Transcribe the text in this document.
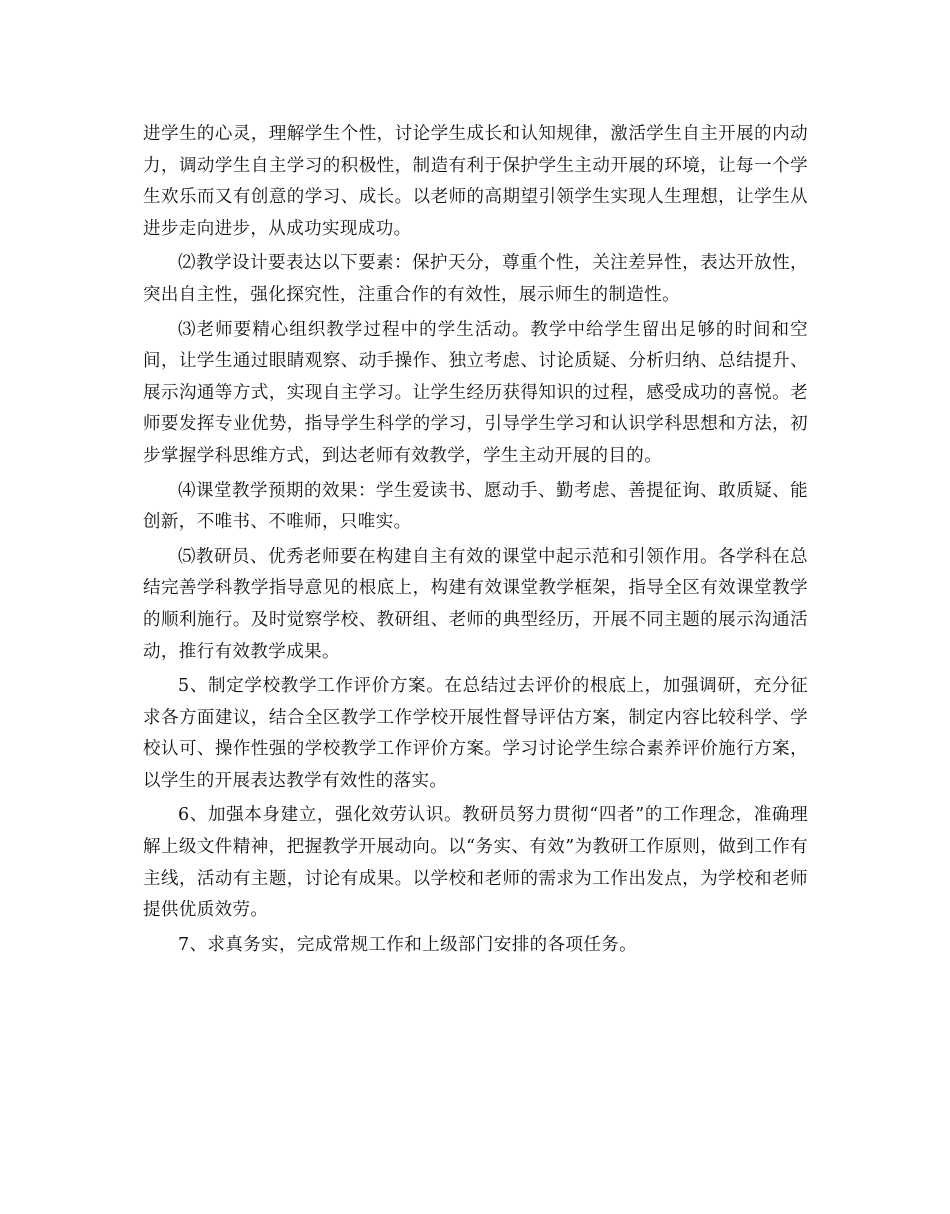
进学生的心灵，理解学生个性，讨论学生成长和认知规律，激活学生自主开展的内动力，调动学生自主学习的积极性，制造有利于保护学生主动开展的环境，让每一个学生欢乐而又有创意的学习、成长。以老师的高期望引领学生实现人生理想，让学生从进步走向进步，从成功实现成功。

⑵教学设计要表达以下要素：保护天分，尊重个性，关注差异性，表达开放性，突出自主性，强化探究性，注重合作的有效性，展示师生的制造性。

⑶老师要精心组织教学过程中的学生活动。教学中给学生留出足够的时间和空间，让学生通过眼睛观察、动手操作、独立考虑、讨论质疑、分析归纳、总结提升、展示沟通等方式，实现自主学习。让学生经历获得知识的过程，感受成功的喜悦。老师要发挥专业优势，指导学生科学的学习，引导学生学习和认识学科思想和方法，初步掌握学科思维方式，到达老师有效教学，学生主动开展的目的。

⑷课堂教学预期的效果：学生爱读书、愿动手、勤考虑、善提征询、敢质疑、能创新，不唯书、不唯师，只唯实。

⑸教研员、优秀老师要在构建自主有效的课堂中起示范和引领作用。各学科在总结完善学科教学指导意见的根底上，构建有效课堂教学框架，指导全区有效课堂教学的顺利施行。及时觉察学校、教研组、老师的典型经历，开展不同主题的展示沟通活动，推行有效教学成果。

5、制定学校教学工作评价方案。在总结过去评价的根底上，加强调研，充分征求各方面建议，结合全区教学工作学校开展性督导评估方案，制定内容比较科学、学校认可、操作性强的学校教学工作评价方案。学习讨论学生综合素养评价施行方案，以学生的开展表达教学有效性的落实。

6、加强本身建立，强化效劳认识。教研员努力贯彻“四者”的工作理念，准确理解上级文件精神，把握教学开展动向。以“务实、有效”为教研工作原则，做到工作有主线，活动有主题，讨论有成果。以学校和老师的需求为工作出发点，为学校和老师提供优质效劳。

7、求真务实，完成常规工作和上级部门安排的各项任务。
